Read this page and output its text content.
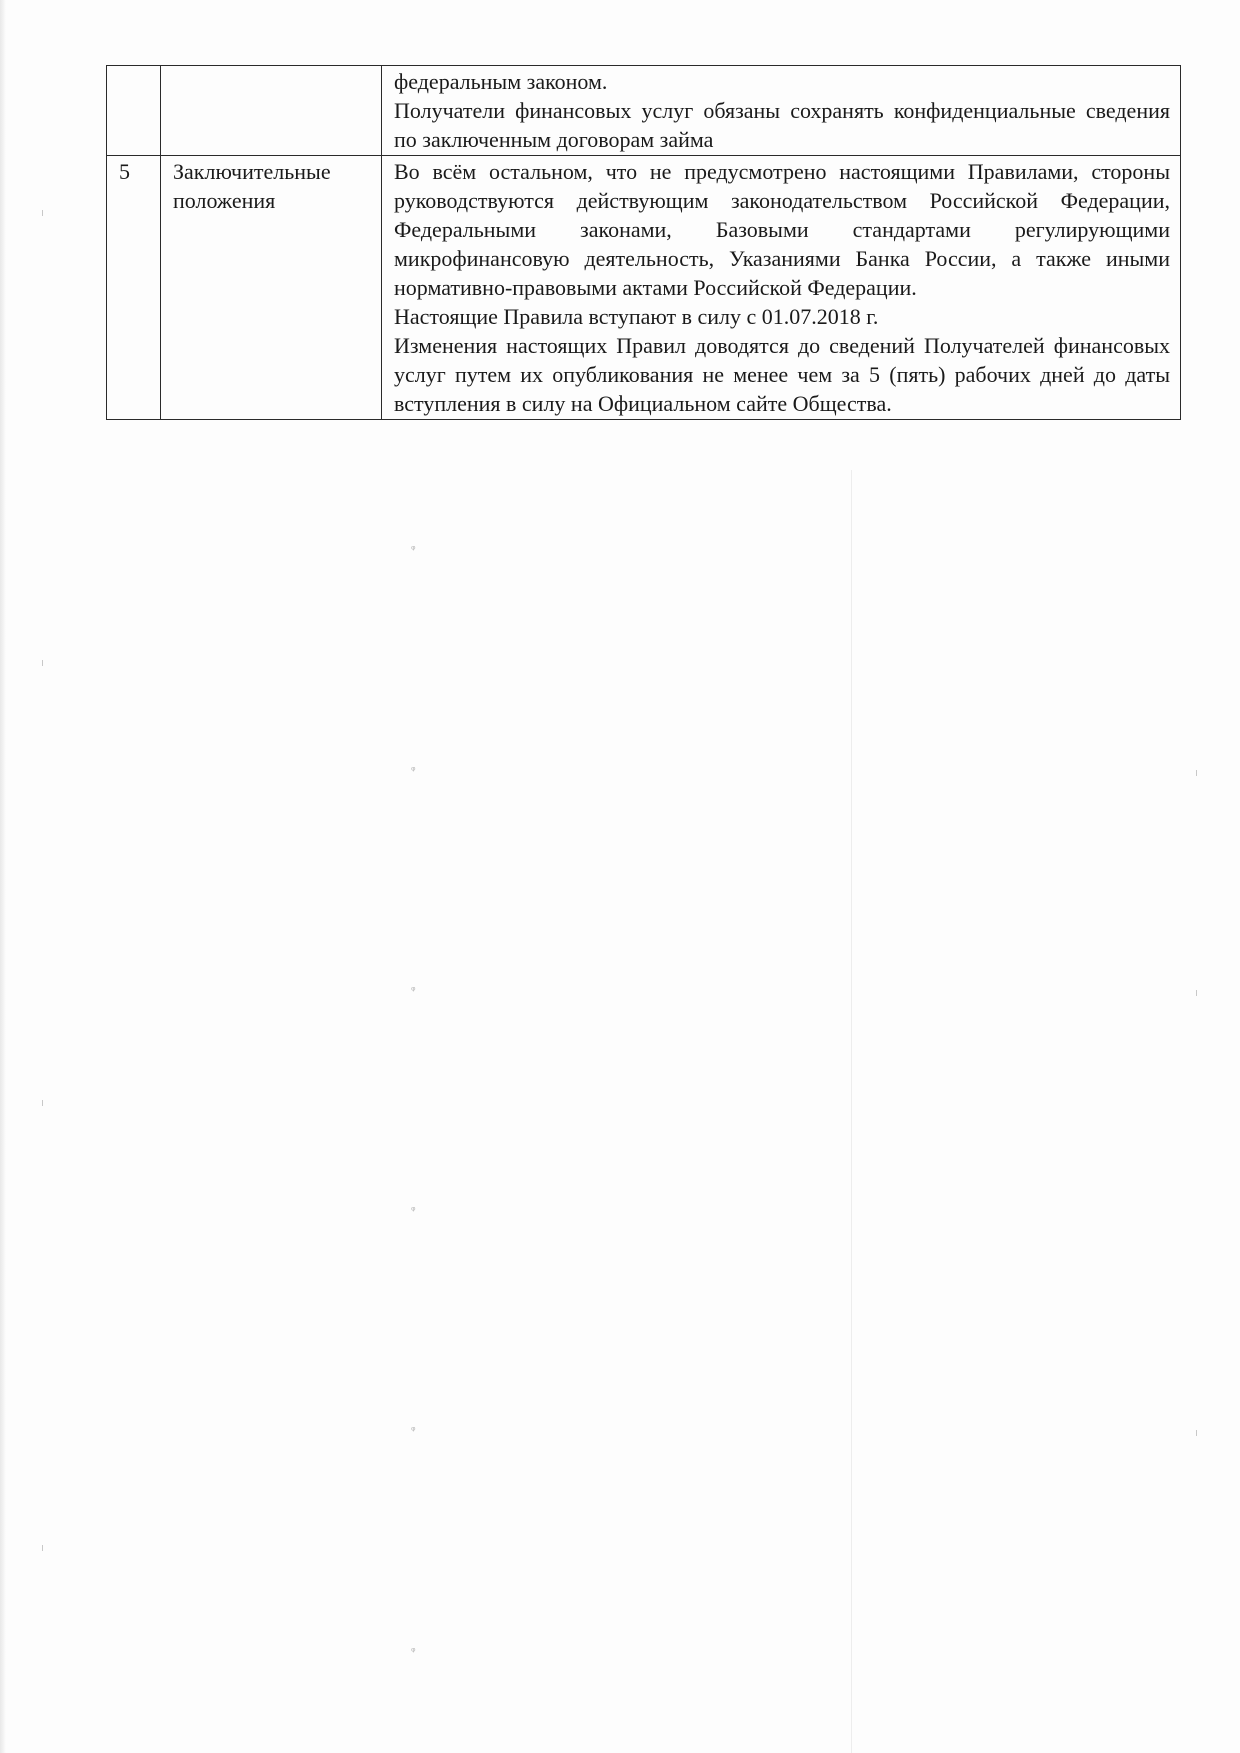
		федеральным законом.
Получатели финансовых услуг обязаны сохранять конфиденциальные сведения по заключенным договорам займа

5	Заключительные положения	Во всём остальном, что не предусмотрено настоящими Правилами, стороны руководствуются действующим законодательством Российской Федерации, Федеральными законами, Базовыми стандартами регулирующими микрофинансовую деятельность, Указаниями Банка России, а также иными нормативно-правовыми актами Российской Федерации.
Настоящие Правила вступают в силу с 01.07.2018 г.
Изменения настоящих Правил доводятся до сведений Получателей финансовых услуг путем их опубликования не менее чем за 5 (пять) рабочих дней до даты вступления в силу на Официальном сайте Общества.
ᵠ
ᵠ
ᵠ
ᵠ
ᵠ
ᵠ
